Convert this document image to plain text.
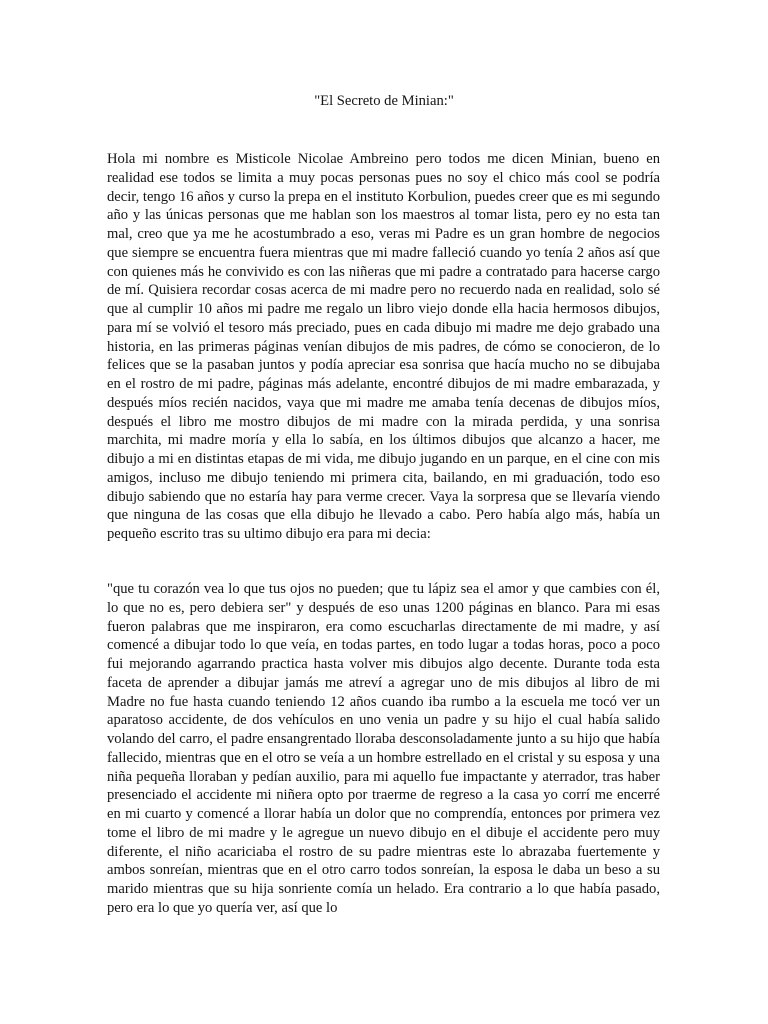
"El Secreto de Minian:"

Hola mi nombre es Misticole Nicolae Ambreino pero todos me dicen Minian, bueno en realidad ese todos se limita a muy pocas personas pues no soy el chico más cool se podría decir, tengo 16 años y curso la prepa en el instituto Korbulion, puedes creer que es mi segundo año y las únicas personas que me hablan son los maestros al tomar lista, pero ey no esta tan mal, creo que ya me he acostumbrado a eso, veras mi Padre es un gran hombre de negocios que siempre se encuentra fuera mientras que mi madre falleció cuando yo tenía 2 años así que con quienes más he convivido es con las niñeras que mi padre a contratado para hacerse cargo de mí. Quisiera recordar cosas acerca de mi madre pero no recuerdo nada en realidad, solo sé que al cumplir 10 años mi padre me regalo un libro viejo donde ella hacia hermosos dibujos, para mí se volvió el tesoro más preciado, pues en cada dibujo mi madre me dejo grabado una historia, en las primeras páginas venían dibujos de mis padres, de cómo se conocieron, de lo felices que se la pasaban juntos y podía apreciar esa sonrisa que hacía mucho no se dibujaba en el rostro de mi padre, páginas más adelante, encontré dibujos de mi madre embarazada, y después míos recién nacidos, vaya que mi madre me amaba tenía decenas de dibujos míos, después el libro me mostro dibujos de mi madre con la mirada perdida, y una sonrisa marchita, mi madre moría y ella lo sabía, en los últimos dibujos que alcanzo a hacer, me dibujo a mi en distintas etapas de mi vida, me dibujo jugando en un parque, en el cine con mis amigos, incluso me dibujo teniendo mi primera cita, bailando, en mi graduación, todo eso dibujo sabiendo que no estaría hay para verme crecer. Vaya la sorpresa que se llevaría viendo que ninguna de las cosas que ella dibujo he llevado a cabo. Pero había algo más, había un pequeño escrito tras su ultimo dibujo era para mi decia:

"que tu corazón vea lo que tus ojos no pueden; que tu lápiz sea el amor y que cambies con él, lo que no es, pero debiera ser" y después de eso unas 1200 páginas en blanco. Para mi esas fueron palabras que me inspiraron, era como escucharlas directamente de mi madre, y así comencé a dibujar todo lo que veía, en todas partes, en todo lugar a todas horas, poco a poco fui mejorando agarrando practica hasta volver mis dibujos algo decente. Durante toda esta faceta de aprender a dibujar jamás me atreví a agregar uno de mis dibujos al libro de mi Madre no fue hasta cuando teniendo 12 años cuando iba rumbo a la escuela me tocó ver un aparatoso accidente, de dos vehículos en uno venia un padre y su hijo el cual había salido volando del carro, el padre ensangrentado lloraba desconsoladamente junto a su hijo que había fallecido, mientras que en el otro se veía a un hombre estrellado en el cristal y su esposa y una niña pequeña lloraban y pedían auxilio, para mi aquello fue impactante y aterrador, tras haber presenciado el accidente mi niñera opto por traerme de regreso a la casa yo corrí me encerré en mi cuarto y comencé a llorar había un dolor que no comprendía, entonces por primera vez tome el libro de mi madre y le agregue un nuevo dibujo en el dibuje el accidente pero muy diferente, el niño acariciaba el rostro de su padre mientras este lo abrazaba fuertemente y ambos sonreían, mientras que en el otro carro todos sonreían, la esposa le daba un beso a su marido mientras que su hija sonriente comía un helado. Era contrario a lo que había pasado, pero era lo que yo quería ver, así que lo
